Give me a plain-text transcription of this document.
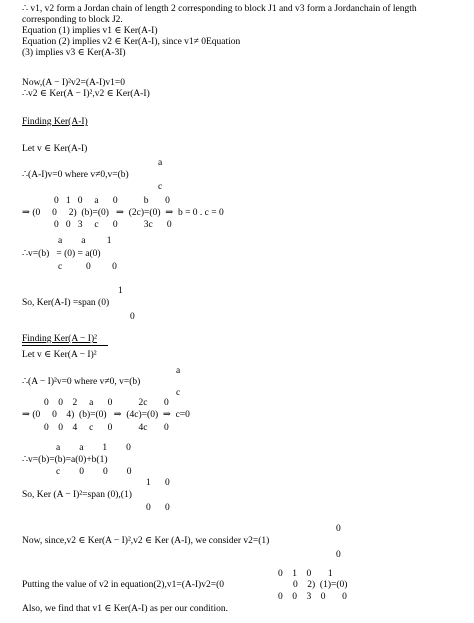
∴ v1, v2 form a Jordan chain of length 2 corresponding to block J1 and v3 form a Jordanchain of length
corresponding to block J2.
Equation (1) implies v1 ∈ Ker(A-I)
Equation (2) implies v2 ∈ Ker(A-I), since v1≠ 0Equation
(3) implies v3 ∈ Ker(A-3I)
Now,(A − I)²v2=(A-I)v1=0
∴v2 ∈ Ker(A − I)²,v2 ∈ Ker(A-I)
Finding Ker(A-I)
Let v ∈ Ker(A-I)
a
∴(A-I)v=0 where v≠0,v=(b)
c
0   1   0     a      0           b       0
⇒ (0     0     2)  (b)=(0)   ⇒  (2c)=(0)  ⇒  b = 0 . c = 0
0   0   3     c      0           3c      0
a        a         1
∴v=(b)   = (0) = a(0)
c          0         0
1
So, Ker(A-I) =span (0)
0
Finding Ker(A − I)²
Let v ∈ Ker(A − I)²
a
∴(A − I)²v=0 where v≠0, v=(b)
c
0    0    2     a      0           2c       0
⇒ (0     0    4)  (b)=(0)   ⇒  (4c)=(0)  ⇒  c=0
0    0    4     c      0           4c       0
a        a        1        0
∴v=(b)=(b)=a(0)+b(1)
c        0        0        0
1      0
So, Ker (A − I)²=span (0),(1)
0      0
0
Now, since,v2 ∈ Ker(A − I)²,v2 ∈ Ker (A-I), we consider v2=(1)
0
0    1    0       1
Putting the value of v2 in equation(2),v1=(A-I)v2=(0	0    2)  (1)=(0)
0    0    3    0       0
Also, we find that v1 ∈ Ker(A-I) as per our condition.
